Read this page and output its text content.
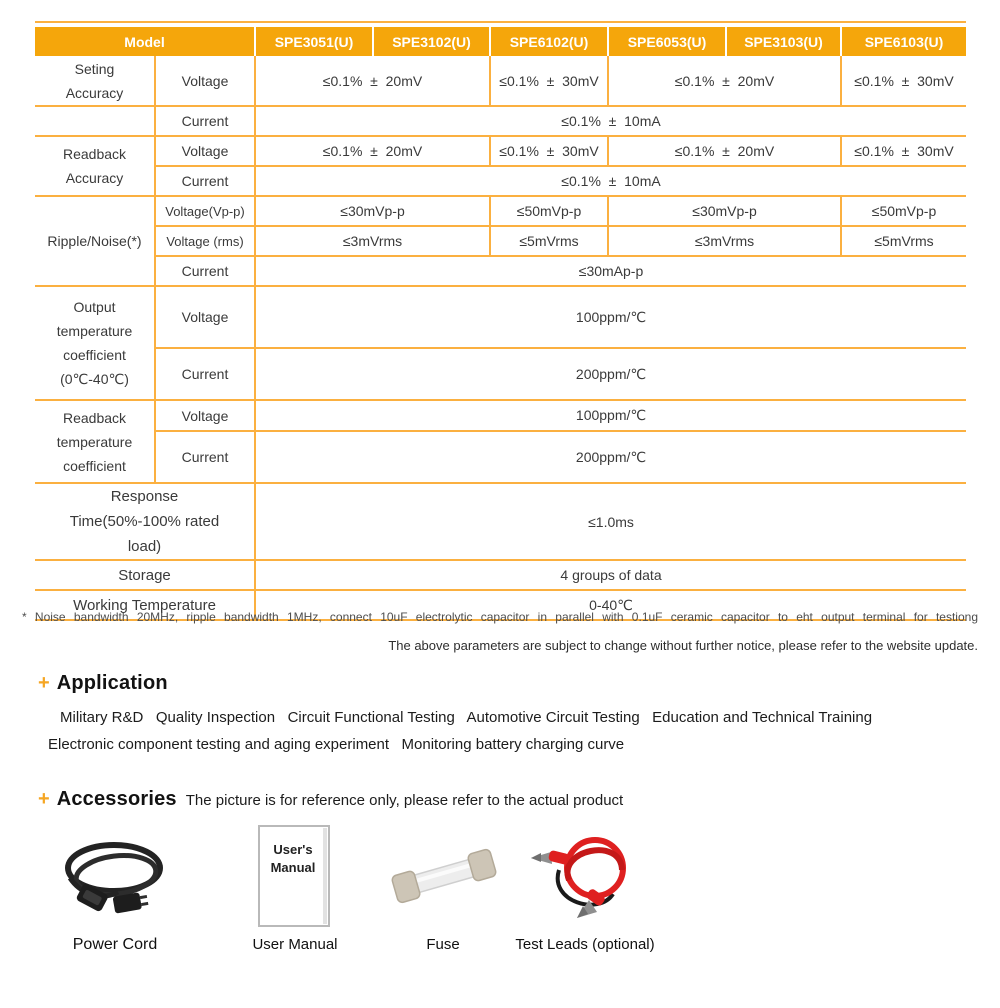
Model		SPE3051(U)	SPE3102(U)	SPE6102(U)	SPE6053(U)	SPE3103(U)	SPE6103(U)
Seting Accuracy	Voltage	≤0.1%  ±  20mV		≤0.1%  ±  30mV	≤0.1%  ±  20mV		≤0.1%  ±  30mV
	Current	≤0.1%  ±  10mA					
Readback Accuracy	Voltage	≤0.1%  ±  20mV		≤0.1%  ±  30mV	≤0.1%  ±  20mV		≤0.1%  ±  30mV
	Current	≤0.1%  ±  10mA					
Ripple/Noise(*)	Voltage(Vp-p)	≤30mVp-p		≤50mVp-p	≤30mVp-p		≤50mVp-p
	Voltage (rms)	≤3mVrms		≤5mVrms	≤3mVrms		≤5mVrms
	Current	≤30mAp-p					
Output temperature coefficient (0℃-40℃)	Voltage	100ppm/℃					
	Current	200ppm/℃					
Readback temperature coefficient	Voltage	100ppm/℃					
	Current	200ppm/℃					

Response Time(50%-100% rated load)		≤1.0ms					
Storage		4 groups of data					
Working Temperature		0-40℃					
* Noise bandwidth 20MHz, ripple bandwidth 1MHz, connect 10uF electrolytic capacitor in parallel with 0.1uF ceramic capacitor to eht output terminal for testiong
The above parameters are subject to change without further notice, please refer to the website update.
+ Application
Military R&D   Quality Inspection   Circuit Functional Testing   Automotive Circuit Testing   Education and Technical Training
Electronic component testing and aging experiment   Monitoring battery charging curve
+ Accessories The picture is for reference only, please refer to the actual product
Power Cord
User's
Manual
User Manual	Fuse	Test Leads (optional)
